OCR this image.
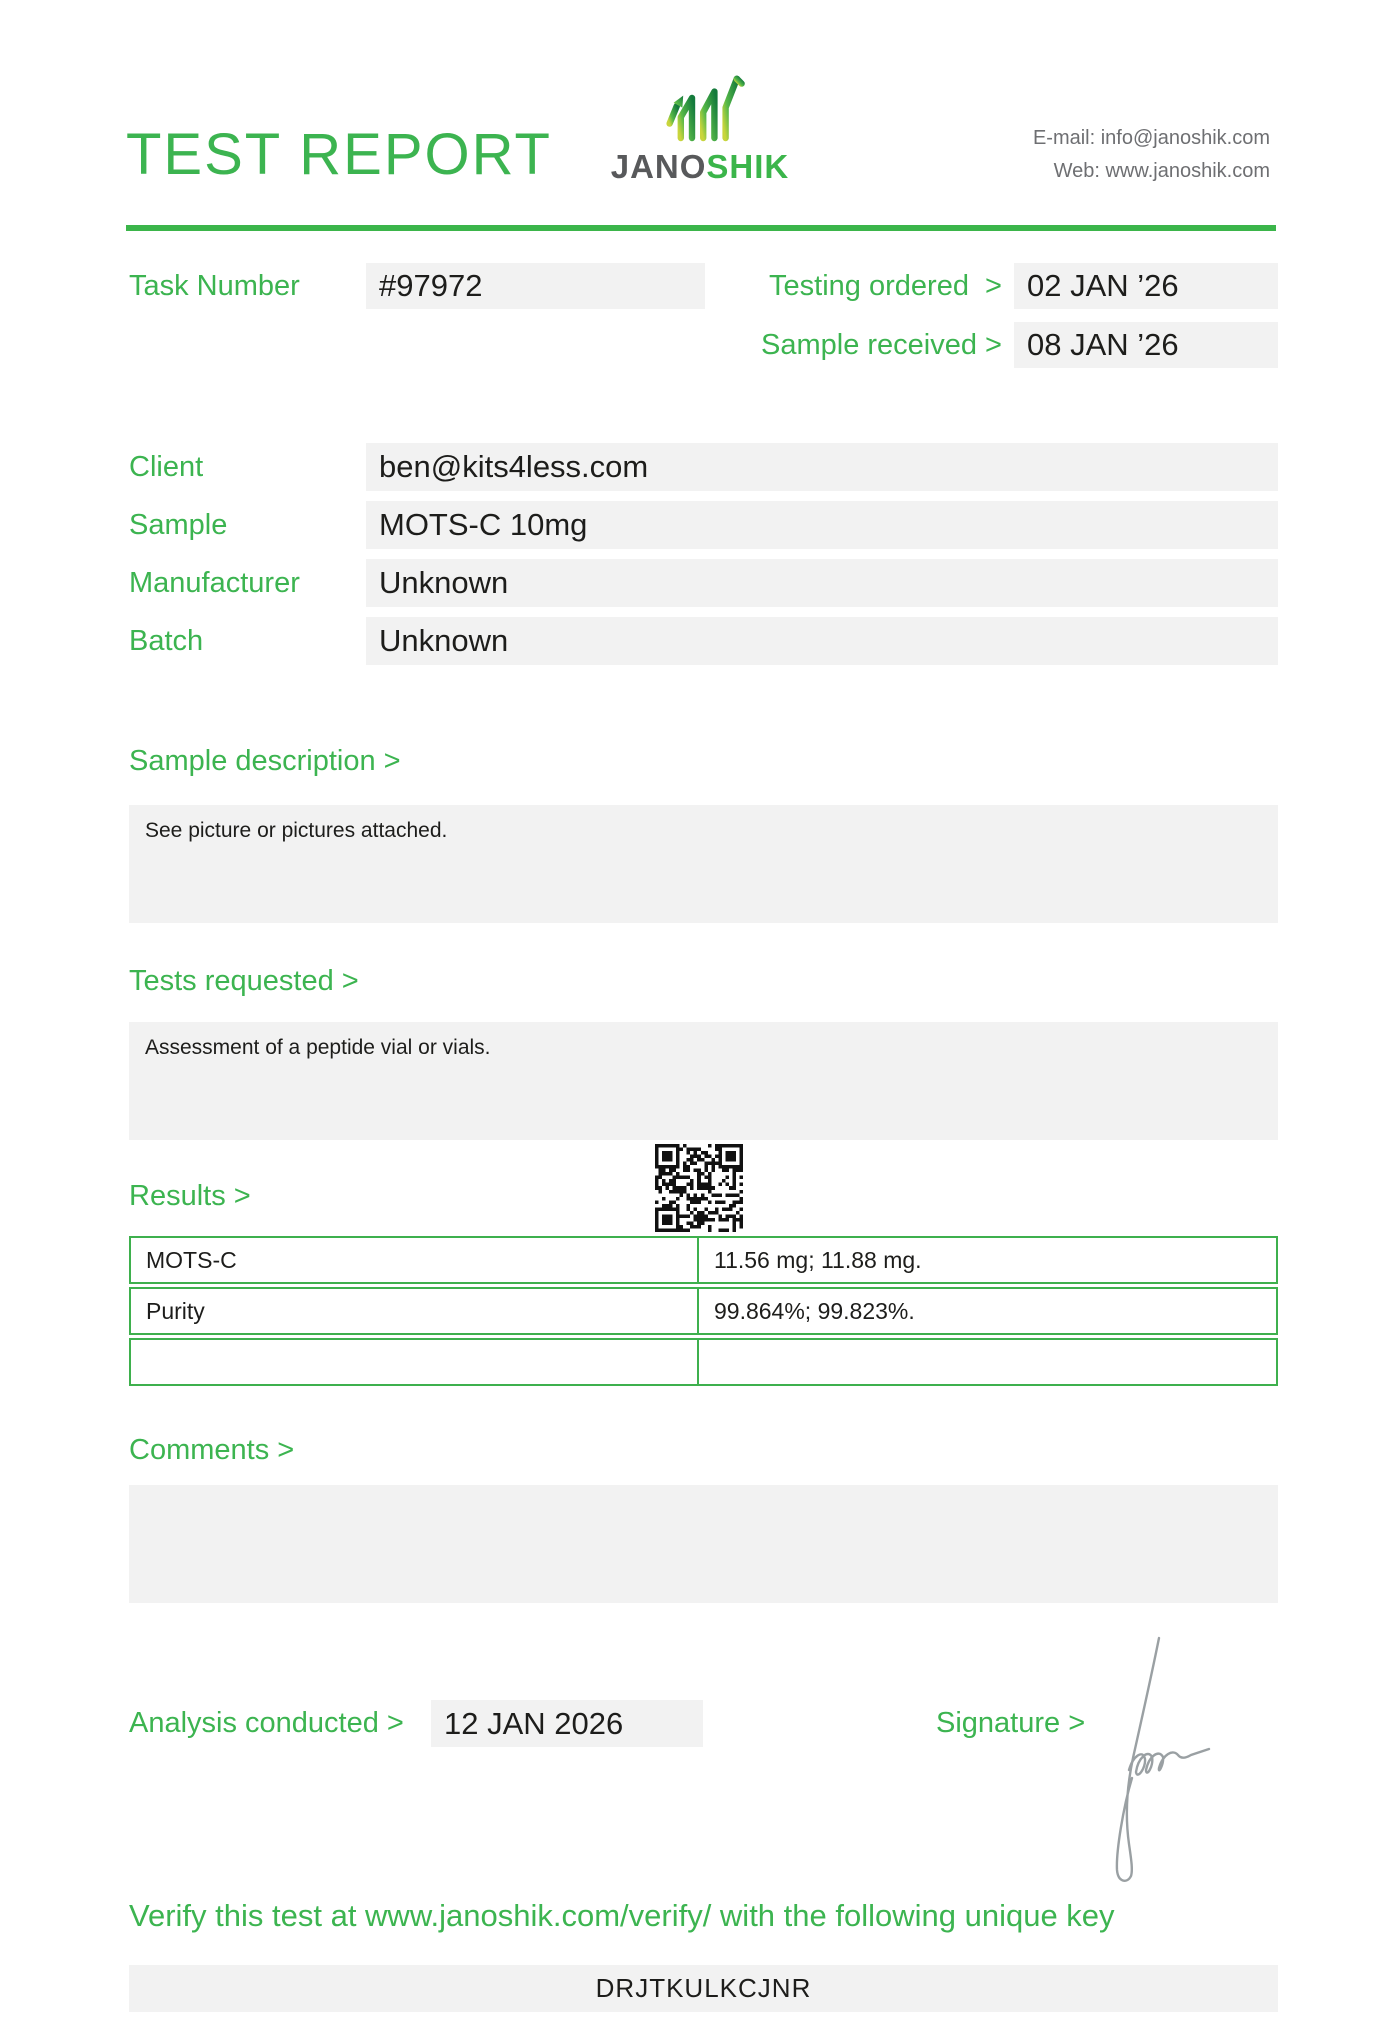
TEST REPORT	JANOSHIK
E-mail: info@janoshik.com
Web: www.janoshik.com
Task Number	#97972	Testing ordered  > 02 JAN ’26
Sample received > 08 JAN ’26
Client	ben@kits4less.com
Sample	MOTS-C 10mg
Manufacturer	Unknown
Batch	Unknown
Sample description >
See picture or pictures attached.
Tests requested >
Assessment of a peptide vial or vials.
Results >
MOTS-C	11.56 mg; 11.88 mg.
Purity	99.864%; 99.823%.
Comments >
Analysis conducted >	12 JAN 2026	Signature >
Verify this test at www.janoshik.com/verify/ with the following unique key
DRJTKULKCJNR
